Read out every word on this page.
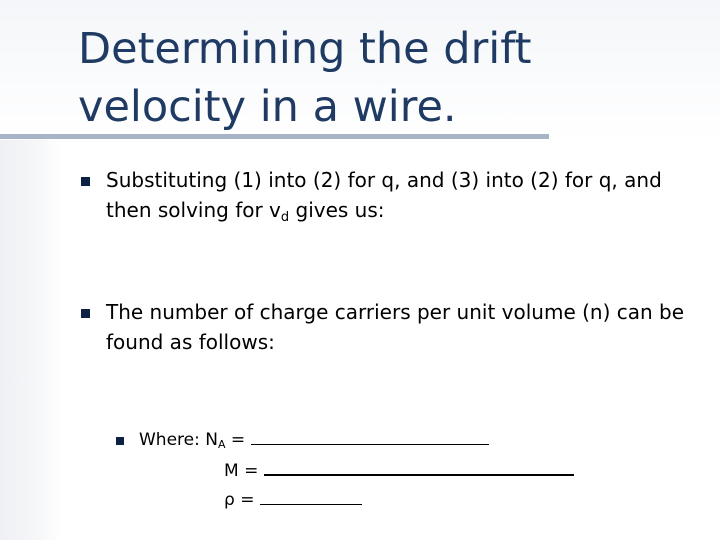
Determining the drift velocity in a wire.
Substituting (1) into (2) for q, and (3) into (2) for q, and then solving for $v_d$ gives us:
The number of charge carriers per unit volume (n) can be found as follows:
Where: NA =
M =
ρ =
